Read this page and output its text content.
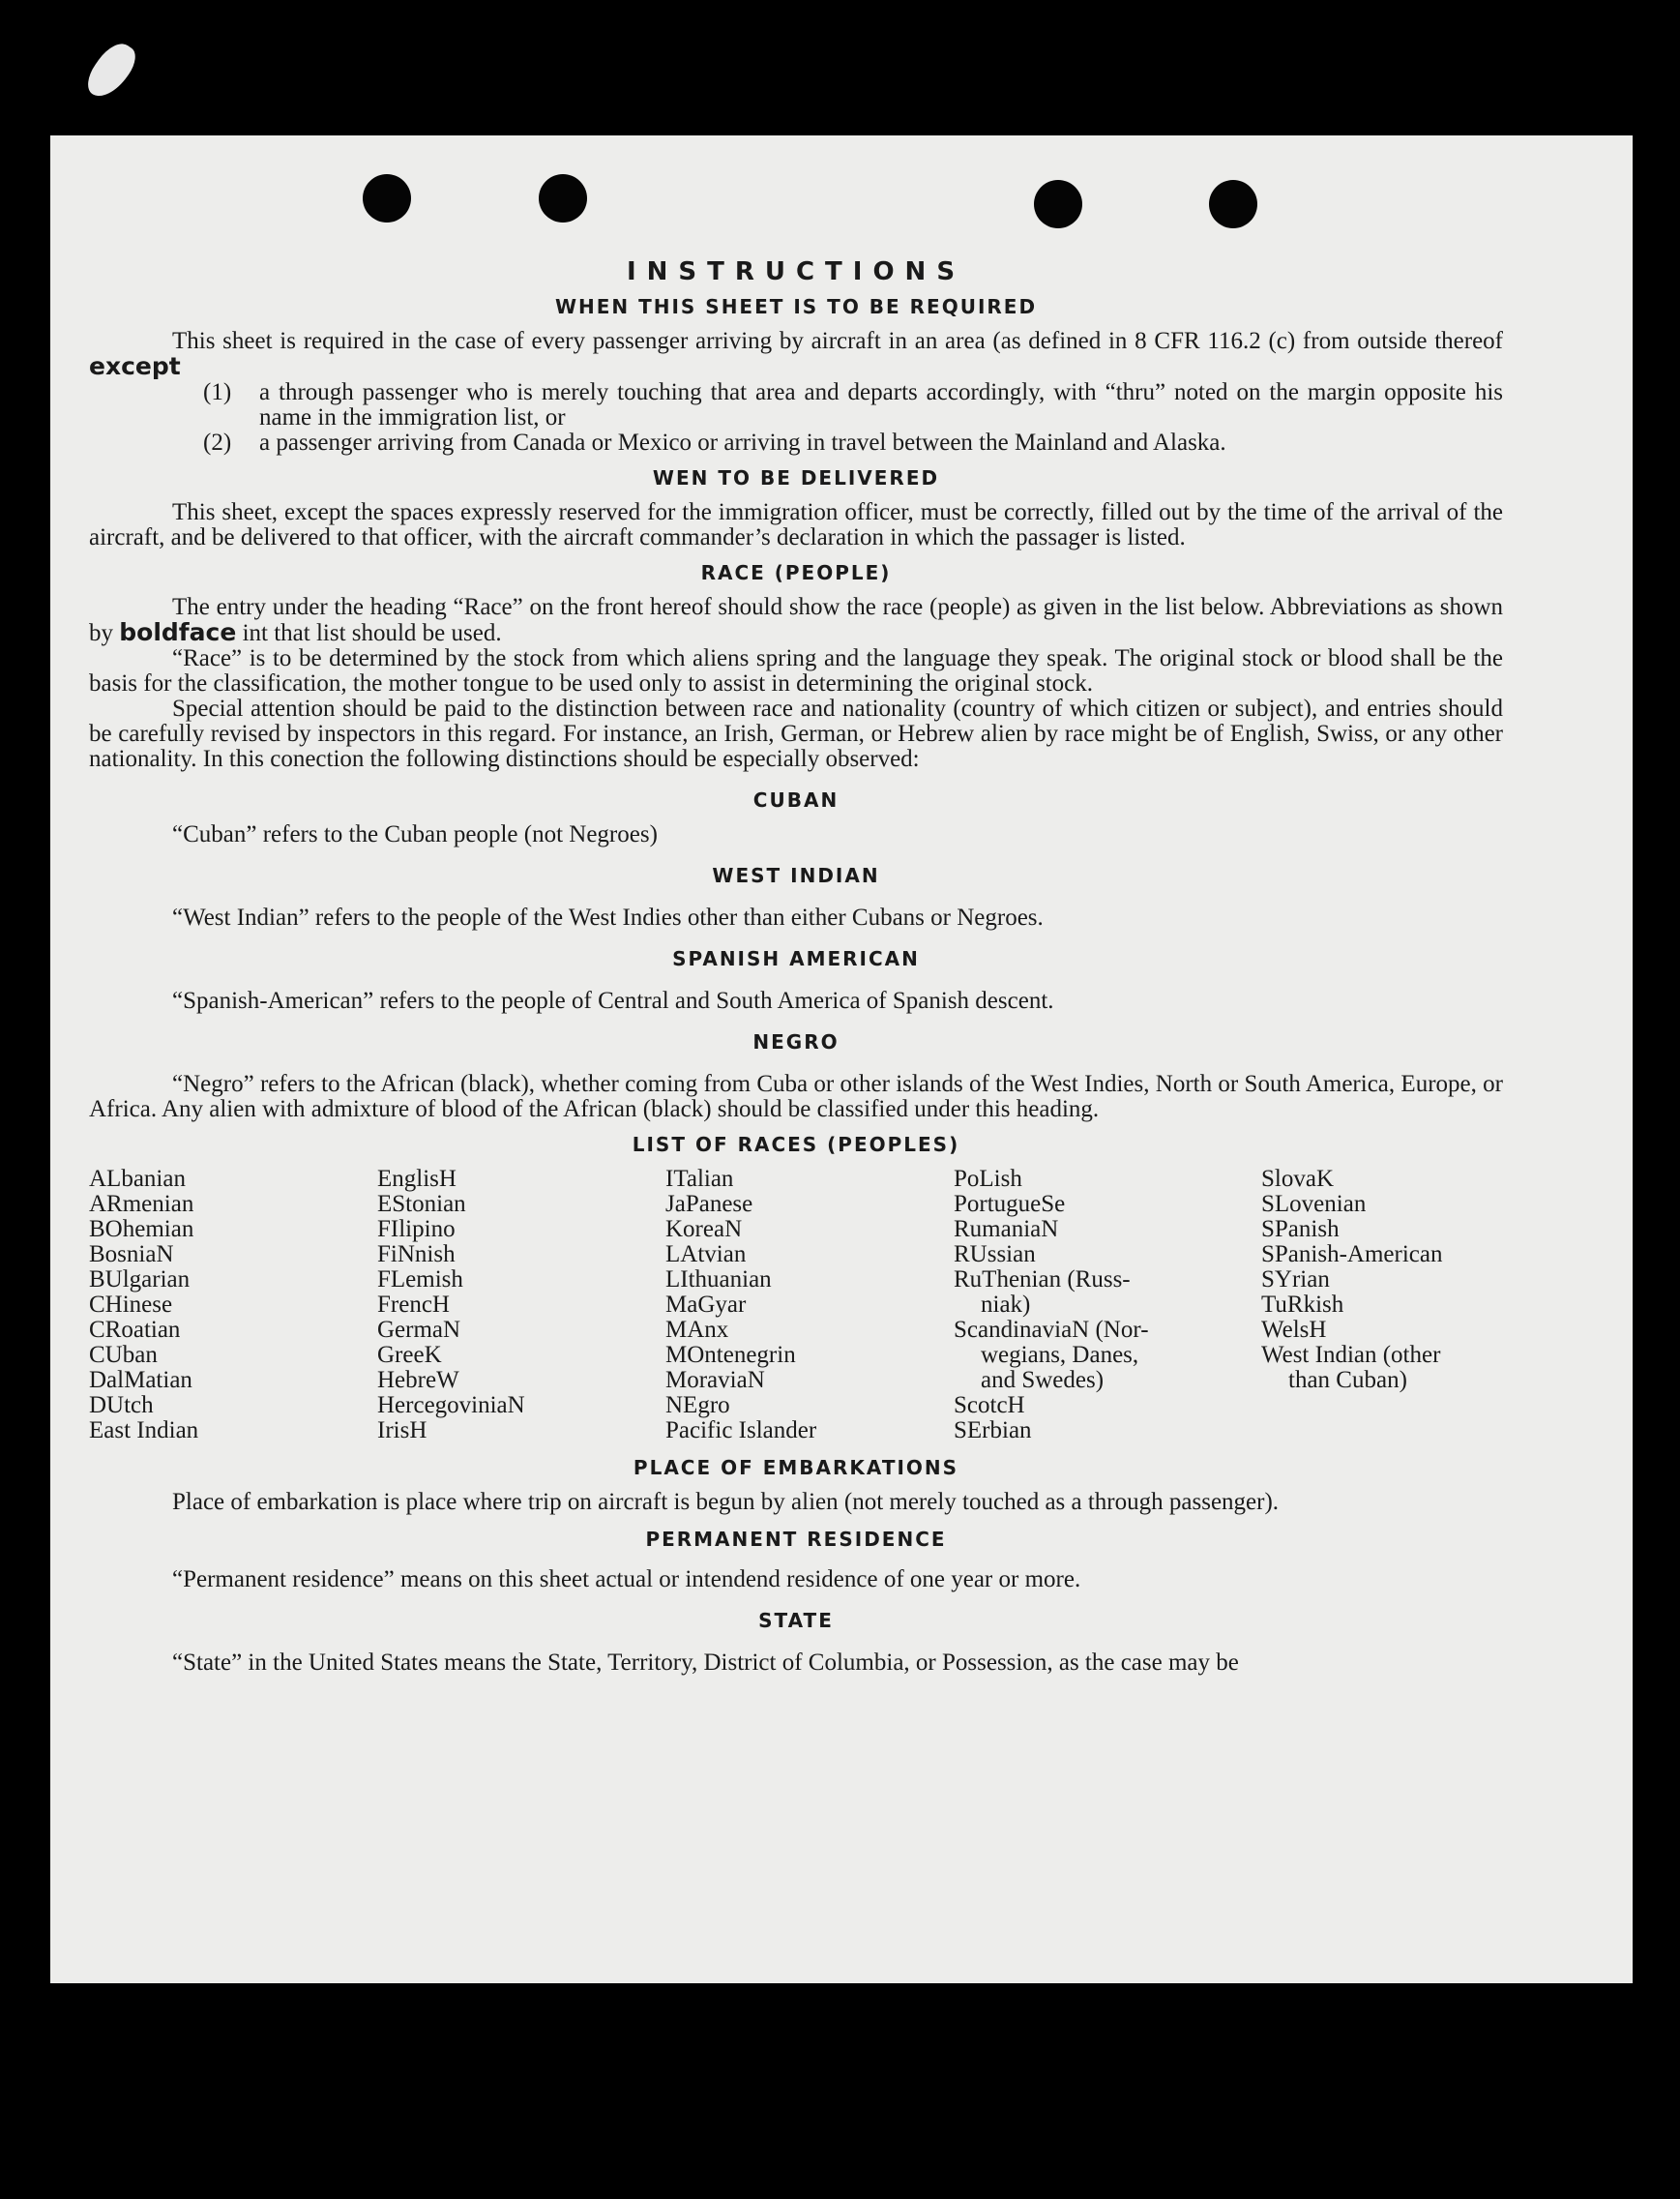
INSTRUCTIONS
WHEN THIS SHEET IS TO BE REQUIRED

This sheet is required in the case of every passenger arriving by aircraft in an area (as defined in 8 CFR 116.2 (c) from outside thereof except

(1)	a through passenger who is merely touching that area and departs accordingly, with “thru” noted on the margin opposite his name in the immigration list, or
(2)	a passenger arriving from Canada or Mexico or arriving in travel between the Mainland and Alaska.
WEN TO BE DELIVERED

This sheet, except the spaces expressly reserved for the immigration officer, must be correctly, filled out by the time of the arrival of the aircraft, and be delivered to that officer, with the aircraft commander’s declaration in which the passager is listed.

RACE (PEOPLE)

The entry under the heading “Race” on the front hereof should show the race (people) as given in the list below. Abbreviations as shown by boldface int that list should be used.

“Race” is to be determined by the stock from which aliens spring and the language they speak. The original stock or blood shall be the basis for the classification, the mother tongue to be used only to assist in determining the original stock.

Special attention should be paid to the distinction between race and nationality (country of which citizen or subject), and entries should be carefully revised by inspectors in this regard. For instance, an Irish, German, or Hebrew alien by race might be of English, Swiss, or any other nationality. In this conection the following distinctions should be especially observed:

CUBAN

“Cuban” refers to the Cuban people (not Negroes)

WEST INDIAN

“West Indian” refers to the people of the West Indies other than either Cubans or Negroes.

SPANISH AMERICAN

“Spanish-American” refers to the people of Central and South America of Spanish descent.

NEGRO

“Negro” refers to the African (black), whether coming from Cuba or other islands of the West Indies, North or South America, Europe, or Africa. Any alien with admixture of blood of the African (black) should be classified under this heading.

LIST OF RACES (PEOPLES)
ALbanian
ARmenian
BOhemian
BosniaN
BUlgarian
CHinese
CRoatian
CUban
DalMatian
DUtch
East Indian
EnglisH
EStonian
FIlipino
FiNnish
FLemish
FrencH
GermaN
GreeK
HebreW
HercegoviniaN
IrisH
ITalian
JaPanese
KoreaN
LAtvian
LIthuanian
MaGyar
MAnx
MOntenegrin
MoraviaN
NEgro
Pacific Islander
PoLish
PortugueSe
RumaniaN
RUssian
RuThenian (Russ-
niak)
ScandinaviaN (Nor-
wegians, Danes,
and Swedes)
ScotcH
SErbian
SlovaK
SLovenian
SPanish
SPanish-American
SYrian
TuRkish
WelsH
West Indian (other
than Cuban)
PLACE OF EMBARKATIONS

Place of embarkation is place where trip on aircraft is begun by alien (not merely touched as a through passenger).

PERMANENT RESIDENCE

“Permanent residence” means on this sheet actual or intendend residence of one year or more.

STATE

“State” in the United States means the State, Territory, District of Columbia, or Possession, as the case may be
